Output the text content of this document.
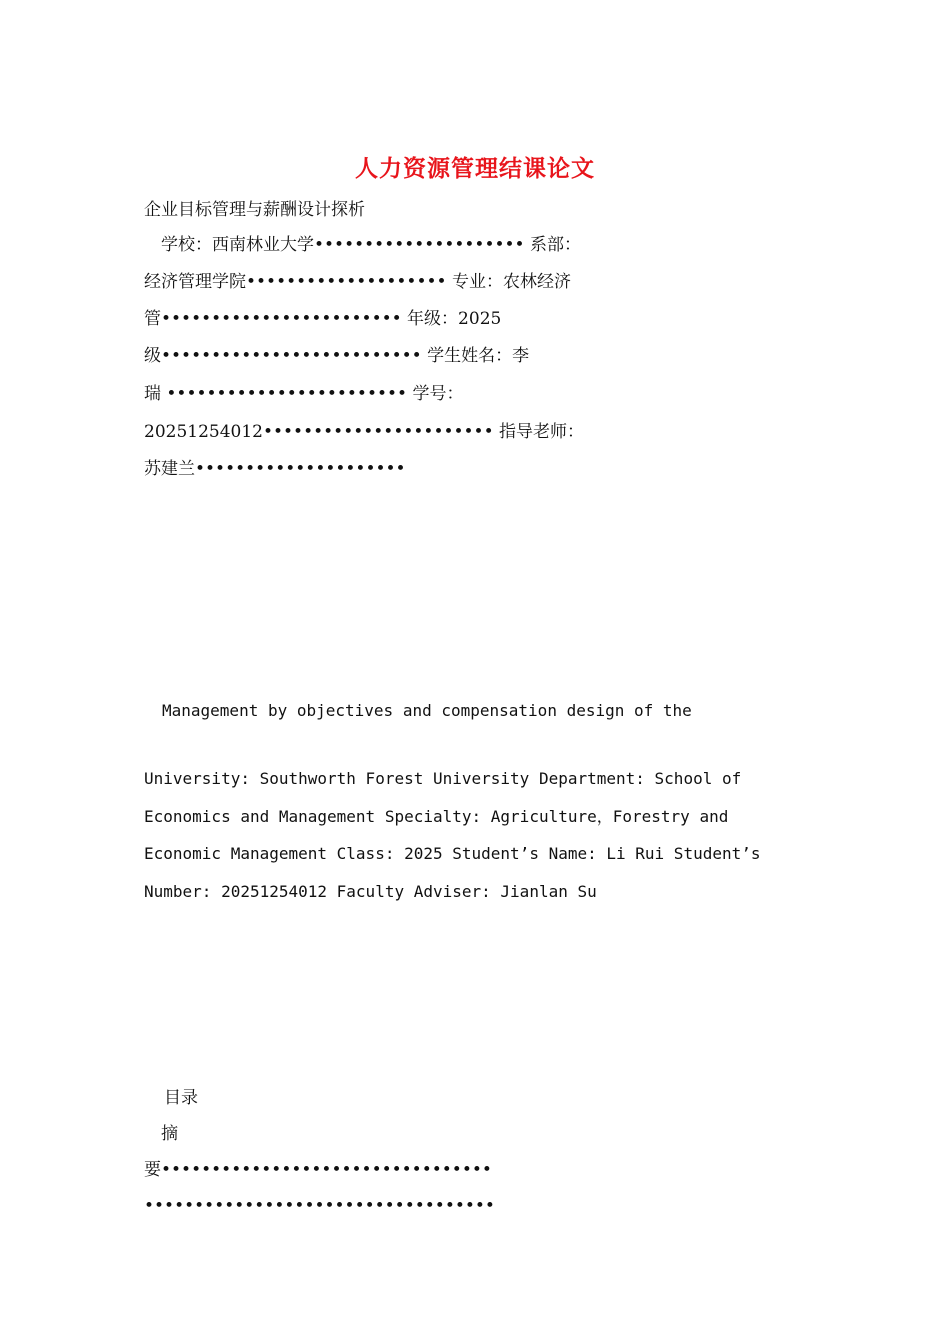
人力资源管理结课论文
企业目标管理与薪酬设计探析
　学校：西南林业大学••••••••••••••••••••• 系部：
经济管理学院•••••••••••••••••••• 专业：农林经济
管•••••••••••••••••••••••• 年级：2025
级•••••••••••••••••••••••••• 学生姓名：李
瑞 •••••••••••••••••••••••• 学号：
20251254012••••••••••••••••••••••• 指导老师：
苏建兰•••••••••••••••••••••
Management by objectives and compensation design of the
University: Southworth Forest University Department: School of
Economics and Management Specialty: Agriculture，Forestry and
Economic Management Class: 2025 Student’s Name: Li Rui Student’s
Number: 20251254012 Faculty Adviser: Jianlan Su
目录
　摘
要•••••••••••••••••••••••••••••••••
•••••••••••••••••••••••••••••••••••
